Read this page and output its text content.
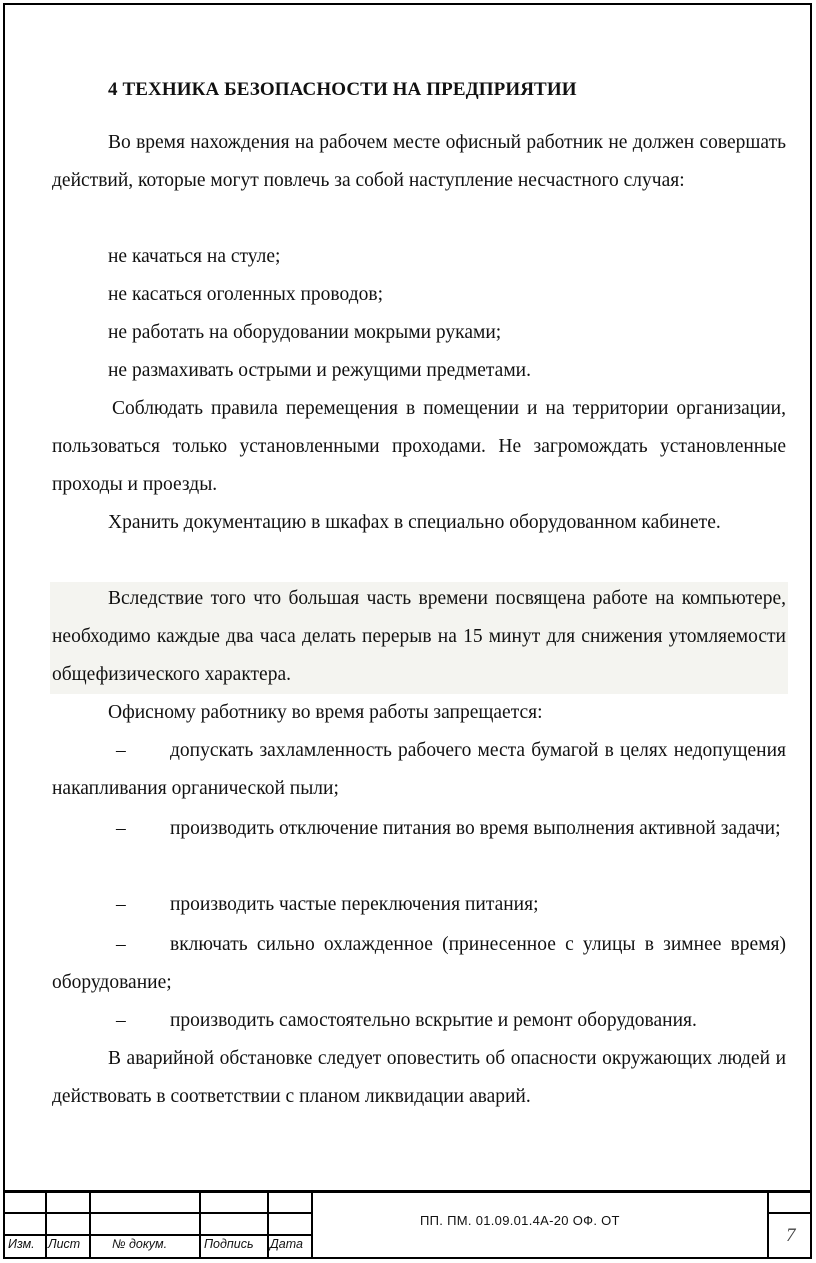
4 ТЕХНИКА БЕЗОПАСНОСТИ НА ПРЕДПРИЯТИИ
Во время нахождения на рабочем месте офисный работник не должен совершать действий, которые могут повлечь за собой наступление несчастного случая:
не качаться на стуле;
не касаться оголенных проводов;
не работать на оборудовании мокрыми руками;
не размахивать острыми и режущими предметами.
Соблюдать правила перемещения в помещении и на территории организации, пользоваться только установленными проходами. Не загромождать установленные проходы и проезды.
Хранить документацию в шкафах в специально оборудованном кабинете.
Вследствие того что большая часть времени посвящена работе на компьютере, необходимо каждые два часа делать перерыв на 15 минут для снижения утомляемости общефизического характера.
Офисному работнику во время работы запрещается:
– допускать захламленность рабочего места бумагой в целях недопущения накапливания органической пыли;
– производить отключение питания во время выполнения активной задачи;
– производить частые переключения питания;
– включать сильно охлажденное (принесенное с улицы в зимнее время) оборудование;
– производить самостоятельно вскрытие и ремонт оборудования.
В аварийной обстановке следует оповестить об опасности окружающих людей и действовать в соответствии с планом ликвидации аварий.
Изм. Лист	№ докум.	Подпись Дата
ПП. ПМ. 01.09.01.4А-20 ОФ. ОТ
7
